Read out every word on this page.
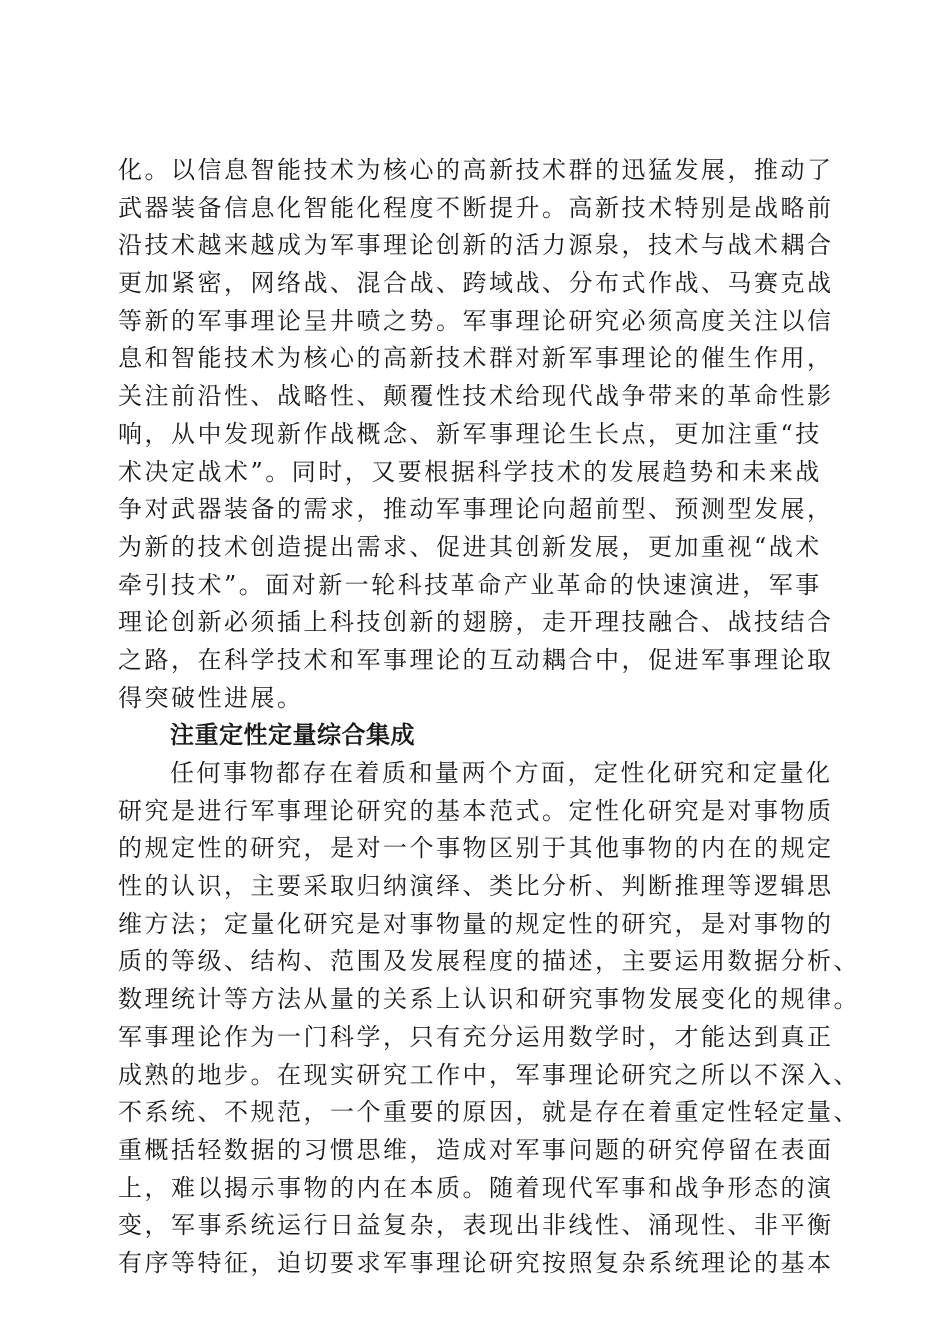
化。以信息智能技术为核心的高新技术群的迅猛发展，推动了
武器装备信息化智能化程度不断提升。高新技术特别是战略前
沿技术越来越成为军事理论创新的活力源泉，技术与战术耦合
更加紧密，网络战、混合战、跨域战、分布式作战、马赛克战
等新的军事理论呈井喷之势。军事理论研究必须高度关注以信
息和智能技术为核心的高新技术群对新军事理论的催生作用，
关注前沿性、战略性、颠覆性技术给现代战争带来的革命性影
响，从中发现新作战概念、新军事理论生长点，更加注重“技
术决定战术”。同时，又要根据科学技术的发展趋势和未来战
争对武器装备的需求，推动军事理论向超前型、预测型发展，
为新的技术创造提出需求、促进其创新发展，更加重视“战术
牵引技术”。面对新一轮科技革命产业革命的快速演进，军事
理论创新必须插上科技创新的翅膀，走开理技融合、战技结合
之路，在科学技术和军事理论的互动耦合中，促进军事理论取
得突破性进展。
注重定性定量综合集成
任何事物都存在着质和量两个方面，定性化研究和定量化
研究是进行军事理论研究的基本范式。定性化研究是对事物质
的规定性的研究，是对一个事物区别于其他事物的内在的规定
性的认识，主要采取归纳演绎、类比分析、判断推理等逻辑思
维方法；定量化研究是对事物量的规定性的研究，是对事物的
质的等级、结构、范围及发展程度的描述，主要运用数据分析、
数理统计等方法从量的关系上认识和研究事物发展变化的规律。
军事理论作为一门科学，只有充分运用数学时，才能达到真正
成熟的地步。在现实研究工作中，军事理论研究之所以不深入、
不系统、不规范，一个重要的原因，就是存在着重定性轻定量、
重概括轻数据的习惯思维，造成对军事问题的研究停留在表面
上，难以揭示事物的内在本质。随着现代军事和战争形态的演
变，军事系统运行日益复杂，表现出非线性、涌现性、非平衡
有序等特征，迫切要求军事理论研究按照复杂系统理论的基本
